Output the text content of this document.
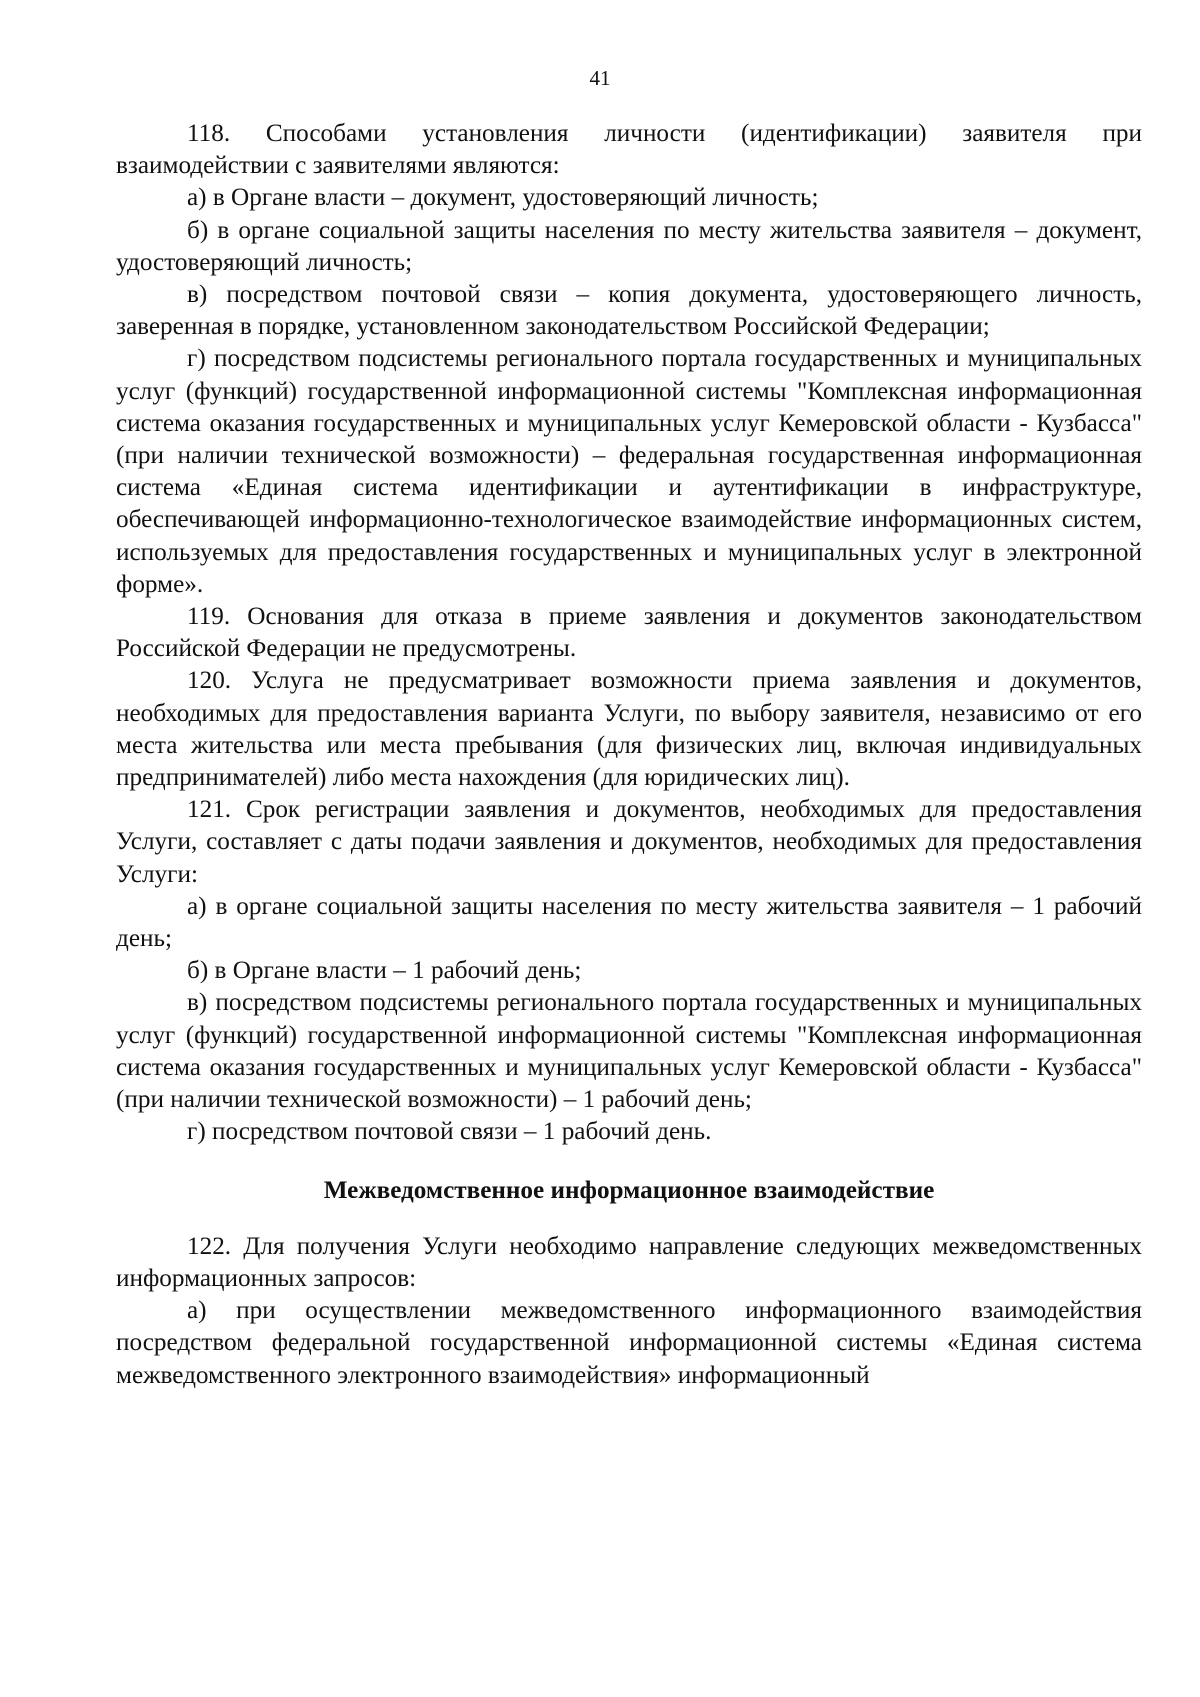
41

118. Способами установления личности (идентификации) заявителя при взаимодействии с заявителями являются:

а) в Органе власти – документ, удостоверяющий личность;

б) в органе социальной защиты населения по месту жительства заявителя – документ, удостоверяющий личность;

в) посредством почтовой связи – копия документа, удостоверяющего личность, заверенная в порядке, установленном законодательством Российской Федерации;

г) посредством подсистемы регионального портала государственных и муниципальных услуг (функций) государственной информационной системы "Комплексная информационная система оказания государственных и муниципальных услуг Кемеровской области - Кузбасса" (при наличии технической возможности) – федеральная государственная информационная система «Единая система идентификации и аутентификации в инфраструктуре, обеспечивающей информационно-технологическое взаимодействие информационных систем, используемых для предоставления государственных и муниципальных услуг в электронной форме».

119. Основания для отказа в приеме заявления и документов законодательством Российской Федерации не предусмотрены.

120. Услуга не предусматривает возможности приема заявления и документов, необходимых для предоставления варианта Услуги, по выбору заявителя, независимо от его места жительства или места пребывания (для физических лиц, включая индивидуальных предпринимателей) либо места нахождения (для юридических лиц).

121. Срок регистрации заявления и документов, необходимых для предоставления Услуги, составляет с даты подачи заявления и документов, необходимых для предоставления Услуги:

а) в органе социальной защиты населения по месту жительства заявителя – 1 рабочий день;

б) в Органе власти – 1 рабочий день;

в) посредством подсистемы регионального портала государственных и муниципальных услуг (функций) государственной информационной системы "Комплексная информационная система оказания государственных и муниципальных услуг Кемеровской области - Кузбасса" (при наличии технической возможности) – 1 рабочий день;

г) посредством почтовой связи – 1 рабочий день.

Межведомственное информационное взаимодействие

122. Для получения Услуги необходимо направление следующих межведомственных информационных запросов:

а) при осуществлении межведомственного информационного взаимодействия посредством федеральной государственной информационной системы «Единая система межведомственного электронного взаимодействия» информационный
